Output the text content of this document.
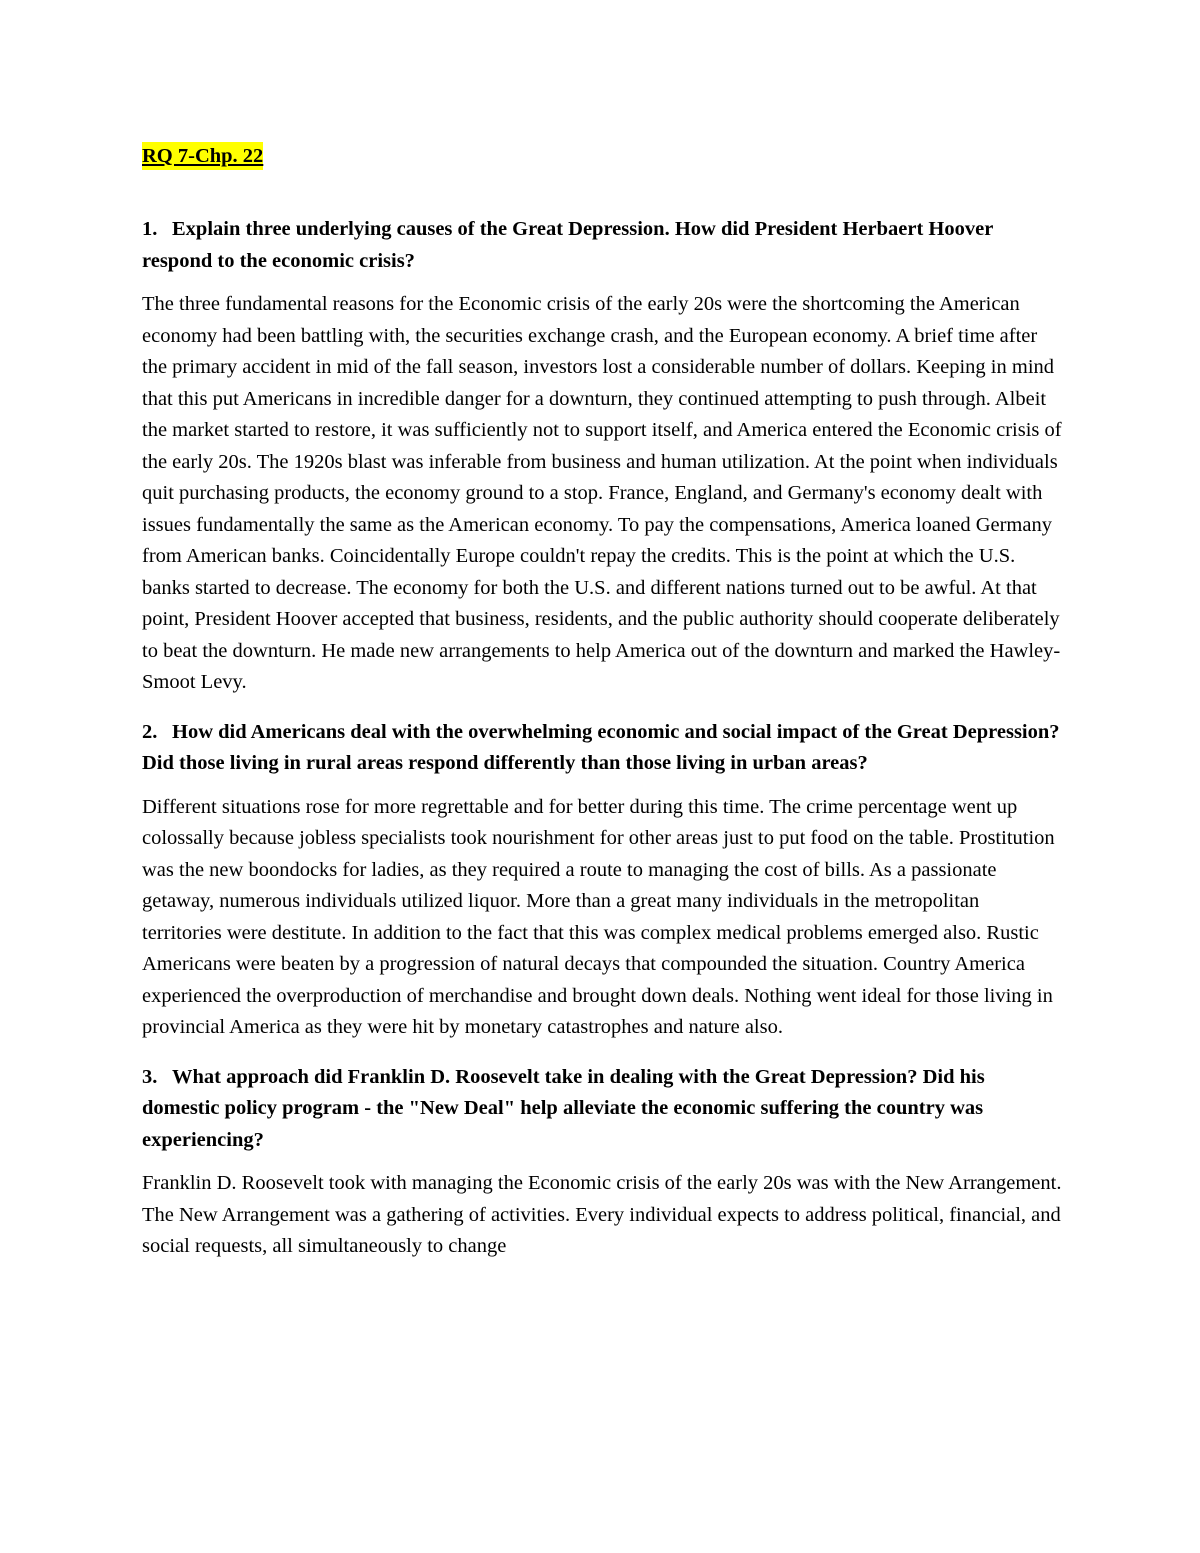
RQ 7-Chp. 22

1. Explain three underlying causes of the Great Depression. How did President Herbaert Hoover respond to the economic crisis?

The three fundamental reasons for the Economic crisis of the early 20s were the shortcoming the American economy had been battling with, the securities exchange crash, and the European economy. A brief time after the primary accident in mid of the fall season, investors lost a considerable number of dollars. Keeping in mind that this put Americans in incredible danger for a downturn, they continued attempting to push through. Albeit the market started to restore, it was sufficiently not to support itself, and America entered the Economic crisis of the early 20s. The 1920s blast was inferable from business and human utilization. At the point when individuals quit purchasing products, the economy ground to a stop. France, England, and Germany's economy dealt with issues fundamentally the same as the American economy. To pay the compensations, America loaned Germany from American banks. Coincidentally Europe couldn't repay the credits. This is the point at which the U.S. banks started to decrease. The economy for both the U.S. and different nations turned out to be awful. At that point, President Hoover accepted that business, residents, and the public authority should cooperate deliberately to beat the downturn. He made new arrangements to help America out of the downturn and marked the Hawley-Smoot Levy.

2. How did Americans deal with the overwhelming economic and social impact of the Great Depression? Did those living in rural areas respond differently than those living in urban areas?

Different situations rose for more regrettable and for better during this time. The crime percentage went up colossally because jobless specialists took nourishment for other areas just to put food on the table. Prostitution was the new boondocks for ladies, as they required a route to managing the cost of bills. As a passionate getaway, numerous individuals utilized liquor. More than a great many individuals in the metropolitan territories were destitute. In addition to the fact that this was complex medical problems emerged also. Rustic Americans were beaten by a progression of natural decays that compounded the situation. Country America experienced the overproduction of merchandise and brought down deals. Nothing went ideal for those living in provincial America as they were hit by monetary catastrophes and nature also.

3. What approach did Franklin D. Roosevelt take in dealing with the Great Depression? Did his domestic policy program - the "New Deal" help alleviate the economic suffering the country was experiencing?

Franklin D. Roosevelt took with managing the Economic crisis of the early 20s was with the New Arrangement. The New Arrangement was a gathering of activities. Every individual expects to address political, financial, and social requests, all simultaneously to change
